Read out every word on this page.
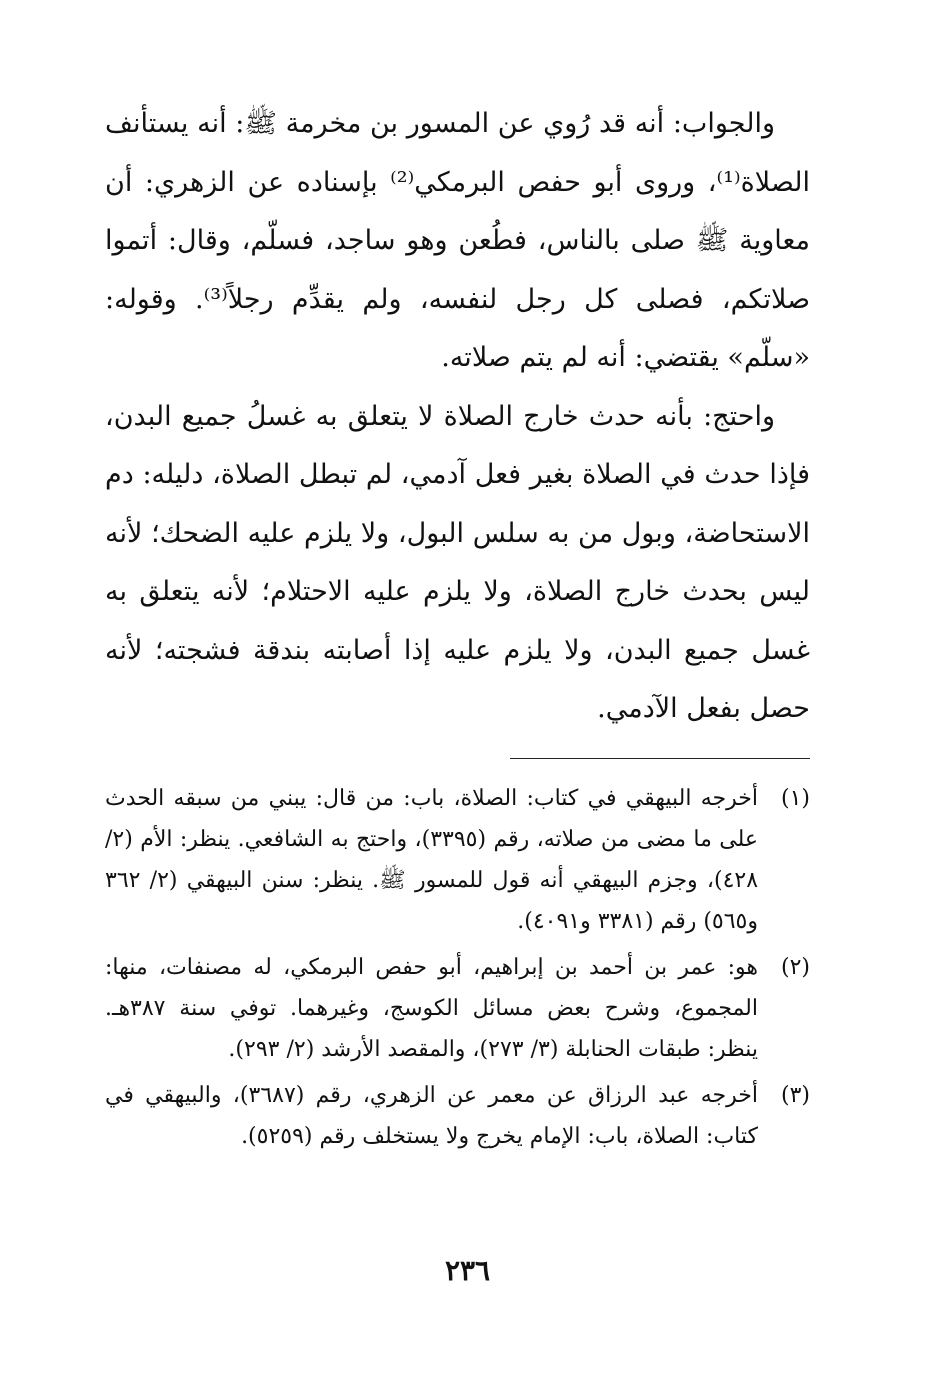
والجواب: أنه قد رُوي عن المسور بن مخرمة ﷺ: أنه يستأنف الصلاة⁽¹⁾، وروى أبو حفص البرمكي⁽²⁾ بإسناده عن الزهري: أن معاوية ﷺ صلى بالناس، فطُعن وهو ساجد، فسلّم، وقال: أتموا صلاتكم، فصلى كل رجل لنفسه، ولم يقدِّم رجلاً⁽³⁾. وقوله: «سلّم» يقتضي: أنه لم يتم صلاته.

واحتج: بأنه حدث خارج الصلاة لا يتعلق به غسلُ جميع البدن، فإذا حدث في الصلاة بغير فعل آدمي، لم تبطل الصلاة، دليله: دم الاستحاضة، وبول من به سلس البول، ولا يلزم عليه الضحك؛ لأنه ليس بحدث خارج الصلاة، ولا يلزم عليه الاحتلام؛ لأنه يتعلق به غسل جميع البدن، ولا يلزم عليه إذا أصابته بندقة فشجته؛ لأنه حصل بفعل الآدمي.

(١)

أخرجه البيهقي في كتاب: الصلاة، باب: من قال: يبني من سبقه الحدث على ما مضى من صلاته، رقم (٣٣٩٥)، واحتج به الشافعي. ينظر: الأم (٢/ ٤٢٨)، وجزم البيهقي أنه قول للمسور ﷺ. ينظر: سنن البيهقي (٢/ ٣٦٢ و٥٦٥) رقم (٣٣٨١ و٤٠٩١).

(٢)

هو: عمر بن أحمد بن إبراهيم، أبو حفص البرمكي، له مصنفات، منها: المجموع، وشرح بعض مسائل الكوسج، وغيرهما. توفي سنة ٣٨٧هـ. ينظر: طبقات الحنابلة (٣/ ٢٧٣)، والمقصد الأرشد (٢/ ٢٩٣).

(٣)

أخرجه عبد الرزاق عن معمر عن الزهري، رقم (٣٦٨٧)، والبيهقي في كتاب: الصلاة، باب: الإمام يخرج ولا يستخلف رقم (٥٢٥٩).

٢٣٦
